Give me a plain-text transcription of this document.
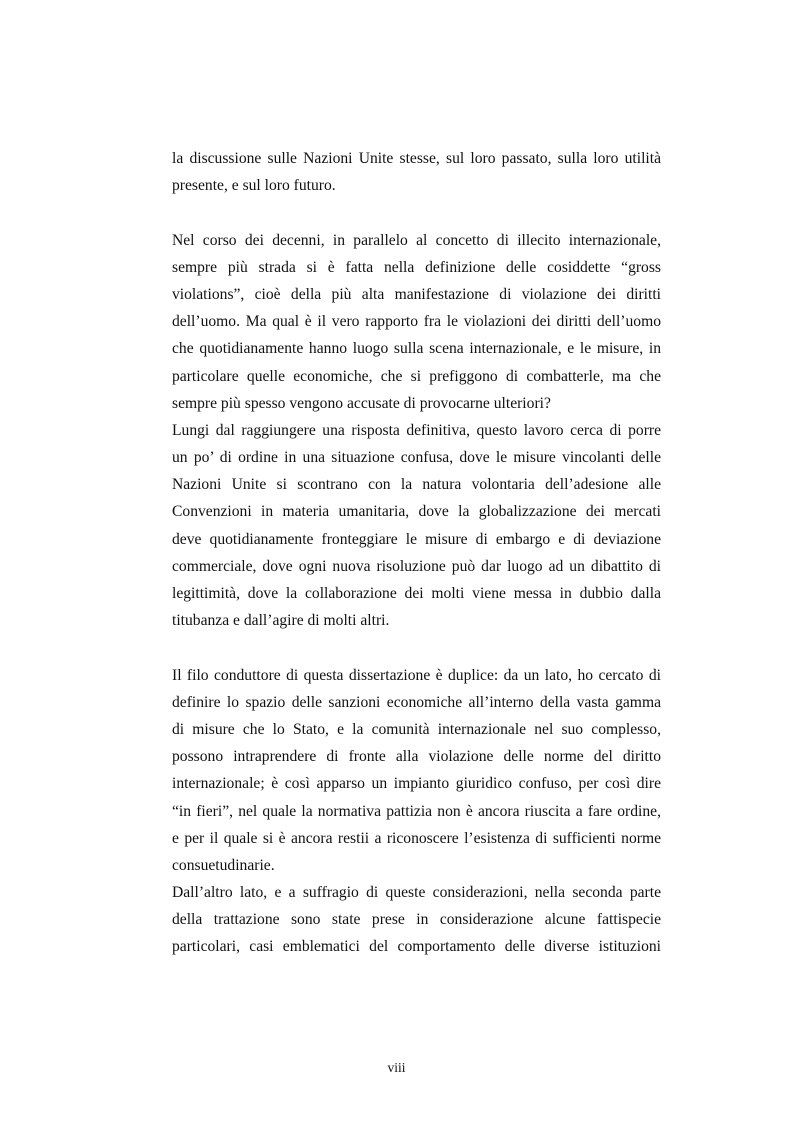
la discussione sulle Nazioni Unite stesse, sul loro passato, sulla loro utilità
presente, e sul loro futuro.
Nel corso dei decenni, in parallelo al concetto di illecito internazionale,
sempre più strada si è fatta nella definizione delle cosiddette “gross
violations”, cioè della più alta manifestazione di violazione dei diritti
dell’uomo. Ma qual è il vero rapporto fra le violazioni dei diritti dell’uomo
che quotidianamente hanno luogo sulla scena internazionale, e le misure, in
particolare quelle economiche, che si prefiggono di combatterle, ma che
sempre più spesso vengono accusate di provocarne ulteriori?
Lungi dal raggiungere una risposta definitiva, questo lavoro cerca di porre
un po’ di ordine in una situazione confusa, dove le misure vincolanti delle
Nazioni Unite si scontrano con la natura volontaria dell’adesione alle
Convenzioni in materia umanitaria, dove la globalizzazione dei mercati
deve quotidianamente fronteggiare le misure di embargo e di deviazione
commerciale, dove ogni nuova risoluzione può dar luogo ad un dibattito di
legittimità, dove la collaborazione dei molti viene messa in dubbio dalla
titubanza e dall’agire di molti altri.
Il filo conduttore di questa dissertazione è duplice: da un lato, ho cercato di
definire lo spazio delle sanzioni economiche all’interno della vasta gamma
di misure che lo Stato, e la comunità internazionale nel suo complesso,
possono intraprendere di fronte alla violazione delle norme del diritto
internazionale; è così apparso un impianto giuridico confuso, per così dire
“in fieri”, nel quale la normativa pattizia non è ancora riuscita a fare ordine,
e per il quale si è ancora restii a riconoscere l’esistenza di sufficienti norme
consuetudinarie.
Dall’altro lato, e a suffragio di queste considerazioni, nella seconda parte
della trattazione sono state prese in considerazione alcune fattispecie
particolari, casi emblematici del comportamento delle diverse istituzioni
viii
